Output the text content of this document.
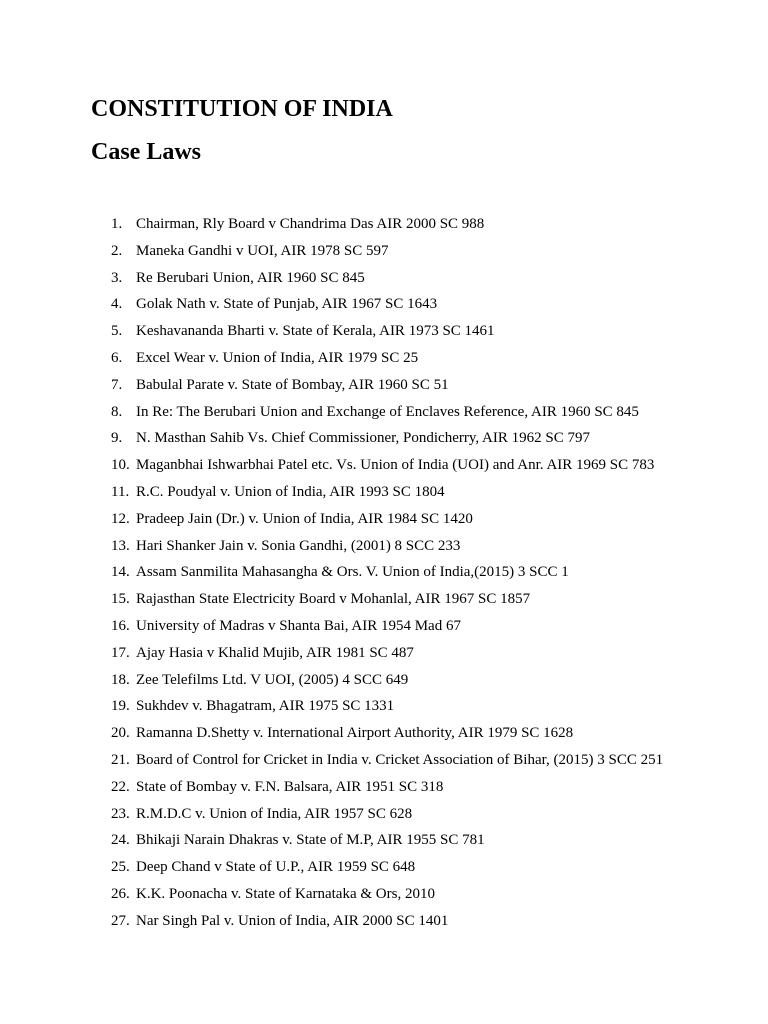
CONSTITUTION OF INDIA
Case Laws
1. Chairman, Rly Board v Chandrima Das AIR 2000 SC 988
2. Maneka Gandhi v UOI, AIR 1978 SC 597
3. Re Berubari Union, AIR 1960 SC 845
4. Golak Nath v. State of Punjab, AIR 1967 SC 1643
5. Keshavananda Bharti v. State of Kerala, AIR 1973 SC 1461
6. Excel Wear v. Union of India, AIR 1979 SC 25
7. Babulal Parate v. State of Bombay, AIR 1960 SC 51
8. In Re: The Berubari Union and Exchange of Enclaves Reference, AIR 1960 SC 845
9. N. Masthan Sahib Vs. Chief Commissioner, Pondicherry, AIR 1962 SC 797
10. Maganbhai Ishwarbhai Patel etc. Vs. Union of India (UOI) and Anr. AIR 1969 SC 783
11. R.C. Poudyal v. Union of India, AIR 1993 SC 1804
12. Pradeep Jain (Dr.) v. Union of India, AIR 1984 SC 1420
13. Hari Shanker Jain v. Sonia Gandhi, (2001) 8 SCC 233
14. Assam Sanmilita Mahasangha & Ors. V. Union of India,(2015) 3 SCC 1
15. Rajasthan State Electricity Board v Mohanlal, AIR 1967 SC 1857
16. University of Madras v Shanta Bai, AIR 1954 Mad 67
17. Ajay Hasia v Khalid Mujib, AIR 1981 SC 487
18. Zee Telefilms Ltd. V UOI, (2005) 4 SCC 649
19. Sukhdev v. Bhagatram, AIR 1975 SC 1331
20. Ramanna D.Shetty v. International Airport Authority, AIR 1979 SC 1628
21. Board of Control for Cricket in India v. Cricket Association of Bihar, (2015) 3 SCC 251
22. State of Bombay v. F.N. Balsara, AIR 1951 SC 318
23. R.M.D.C v. Union of India, AIR 1957 SC 628
24. Bhikaji Narain Dhakras v. State of M.P, AIR 1955 SC 781
25. Deep Chand v State of U.P., AIR 1959 SC 648
26. K.K. Poonacha v. State of Karnataka & Ors, 2010
27. Nar Singh Pal v. Union of India, AIR 2000 SC 1401
